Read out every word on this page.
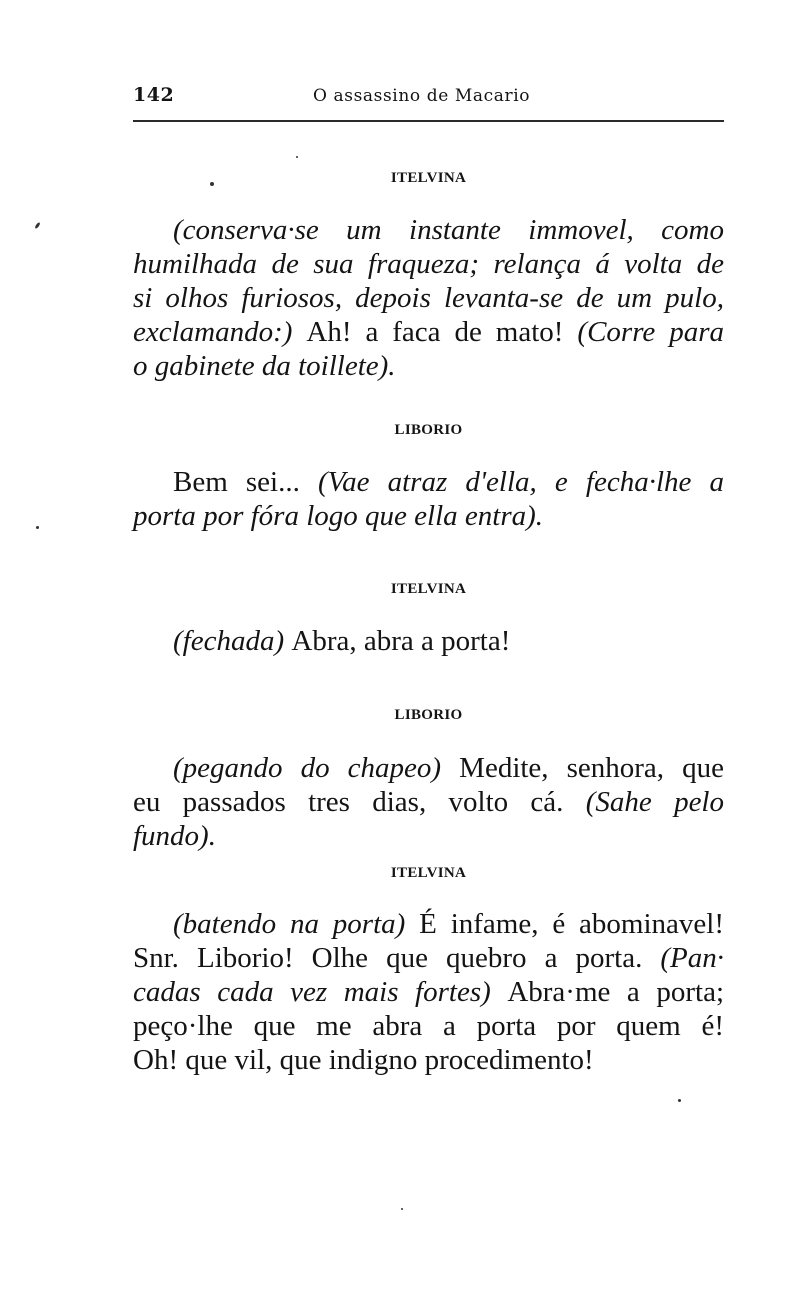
142	O assassino de Macario
ITELVINA
(conserva·se um instante immovel, como
humilhada de sua fraqueza; relança á volta de
si olhos furiosos, depois levanta-se de um pulo,
exclamando:) Ah! a faca de mato! (Corre para
o gabinete da toillete).
LIBORIO
Bem sei... (Vae atraz d'ella, e fecha·lhe a
porta por fóra logo que ella entra).
ITELVINA
(fechada) Abra, abra a porta!
LIBORIO
(pegando do chapeo) Medite, senhora, que
eu passados tres dias, volto cá. (Sahe pelo
fundo).
ITELVINA
(batendo na porta) É infame, é abominavel!
Snr. Liborio! Olhe que quebro a porta. (Pan·
cadas cada vez mais fortes) Abra·me a porta;
peço·lhe que me abra a porta por quem é!
Oh! que vil, que indigno procedimento!
